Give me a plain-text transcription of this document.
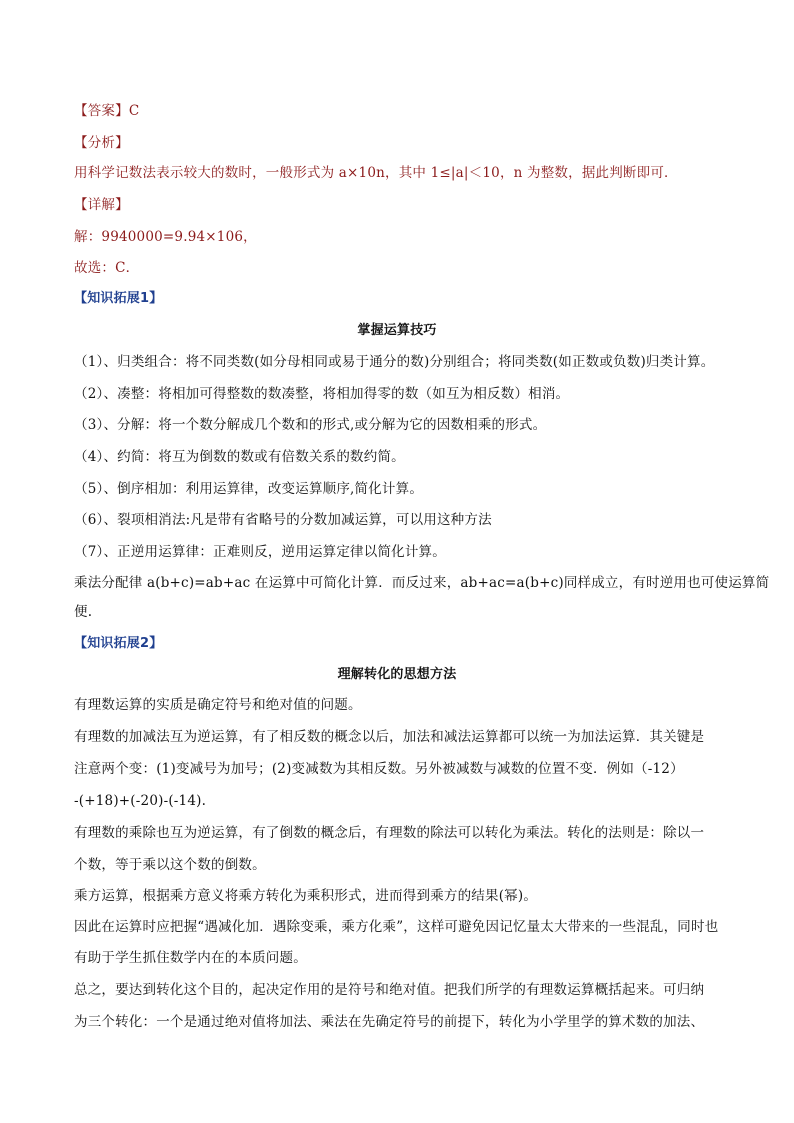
【答案】C
【分析】
用科学记数法表示较大的数时，一般形式为 a×10n，其中 1≤|a|＜10，n 为整数，据此判断即可．
【详解】
解：9940000=9.94×106，
故选：C．
【知识拓展1】
掌握运算技巧
（1）、归类组合：将不同类数(如分母相同或易于通分的数)分别组合；将同类数(如正数或负数)归类计算。
（2）、凑整：将相加可得整数的数凑整，将相加得零的数（如互为相反数）相消。
（3）、分解：将一个数分解成几个数和的形式,或分解为它的因数相乘的形式。
（4）、约简：将互为倒数的数或有倍数关系的数约简。
（5）、倒序相加：利用运算律，改变运算顺序,简化计算。
（6）、裂项相消法:凡是带有省略号的分数加减运算，可以用这种方法
（7）、正逆用运算律：正难则反，逆用运算定律以简化计算。
乘法分配律 a(b+c)=ab+ac 在运算中可简化计算．而反过来，ab+ac=a(b+c)同样成立，有时逆用也可使运算简
便.
【知识拓展2】
理解转化的思想方法
有理数运算的实质是确定符号和绝对值的问题。
有理数的加减法互为逆运算，有了相反数的概念以后，加法和减法运算都可以统一为加法运算．其关键是
注意两个变：(1)变减号为加号；(2)变减数为其相反数。另外被减数与减数的位置不变．例如（-12）
-(+18)+(-20)-(-14).
有理数的乘除也互为逆运算，有了倒数的概念后，有理数的除法可以转化为乘法。转化的法则是：除以一
个数，等于乘以这个数的倒数。
乘方运算，根据乘方意义将乘方转化为乘积形式，进而得到乘方的结果(幂)。
因此在运算时应把握“遇减化加．遇除变乘，乘方化乘”，这样可避免因记忆量太大带来的一些混乱，同时也
有助于学生抓住数学内在的本质问题。
总之，要达到转化这个目的，起决定作用的是符号和绝对值。把我们所学的有理数运算概括起来。可归纳
为三个转化：一个是通过绝对值将加法、乘法在先确定符号的前提下，转化为小学里学的算术数的加法、
